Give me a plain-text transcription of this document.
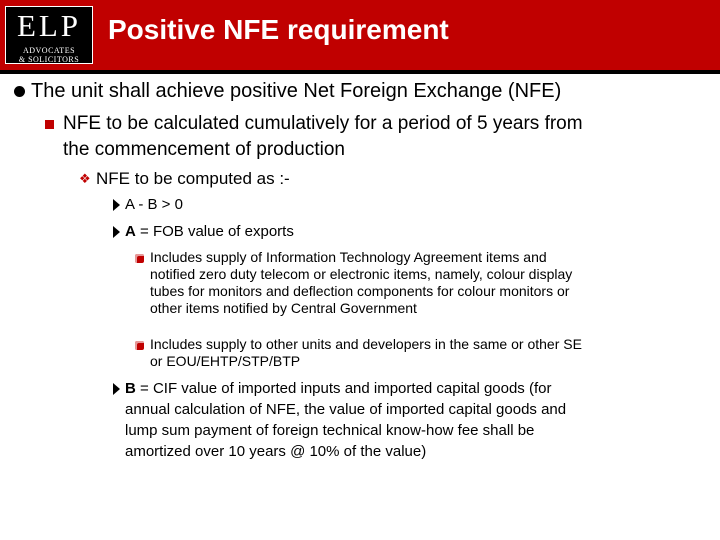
ELP
ADVOCATES
& SOLICITORS
Positive NFE requirement
The unit shall achieve positive Net Foreign Exchange (NFE)
NFE to be calculated cumulatively for a period of 5 years from
the commencement of production
❖ NFE to be computed as :-
A - B > 0
A = FOB value of exports
Includes supply of Information Technology Agreement items and
notified zero duty telecom or electronic items, namely, colour display
tubes for monitors and deflection components for colour monitors or
other items notified by Central Government
Includes supply to other units and developers in the same or other SE
or EOU/EHTP/STP/BTP
B = CIF value of imported inputs and imported capital goods (for
annual calculation of NFE, the value of imported capital goods and
lump sum payment of foreign technical know-how fee shall be
amortized over 10 years @ 10% of the value)
